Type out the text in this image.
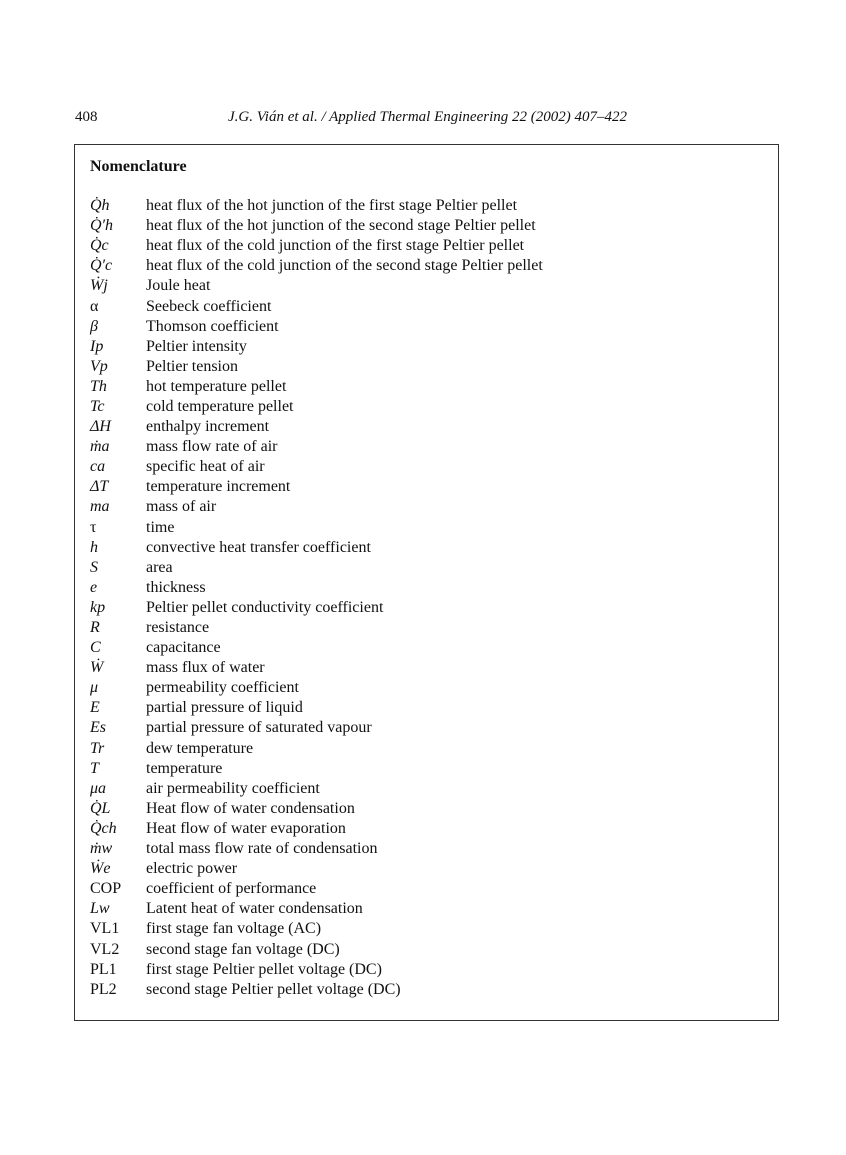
408	J.G. Vián et al. / Applied Thermal Engineering 22 (2002) 407–422
Nomenclature
Q̇h	heat flux of the hot junction of the first stage Peltier pellet
Q̇′h	heat flux of the hot junction of the second stage Peltier pellet
Q̇c	heat flux of the cold junction of the first stage Peltier pellet
Q̇′c	heat flux of the cold junction of the second stage Peltier pellet
Ẇj	Joule heat
α	Seebeck coefficient
β	Thomson coefficient
Ip	Peltier intensity
Vp	Peltier tension
Th	hot temperature pellet
Tc	cold temperature pellet
ΔH	enthalpy increment
ṁa	mass flow rate of air
ca	specific heat of air
ΔT	temperature increment
ma	mass of air
τ	time
h	convective heat transfer coefficient
S	area
e	thickness
kp	Peltier pellet conductivity coefficient
R	resistance
C	capacitance
Ẇ	mass flux of water
μ	permeability coefficient
E	partial pressure of liquid
Es	partial pressure of saturated vapour
Tr	dew temperature
T	temperature
μa	air permeability coefficient
Q̇L	Heat flow of water condensation
Q̇ch	Heat flow of water evaporation
ṁw	total mass flow rate of condensation
Ẇe	electric power
COP	coefficient of performance
Lw	Latent heat of water condensation
VL1	first stage fan voltage (AC)
VL2	second stage fan voltage (DC)
PL1	first stage Peltier pellet voltage (DC)
PL2	second stage Peltier pellet voltage (DC)
